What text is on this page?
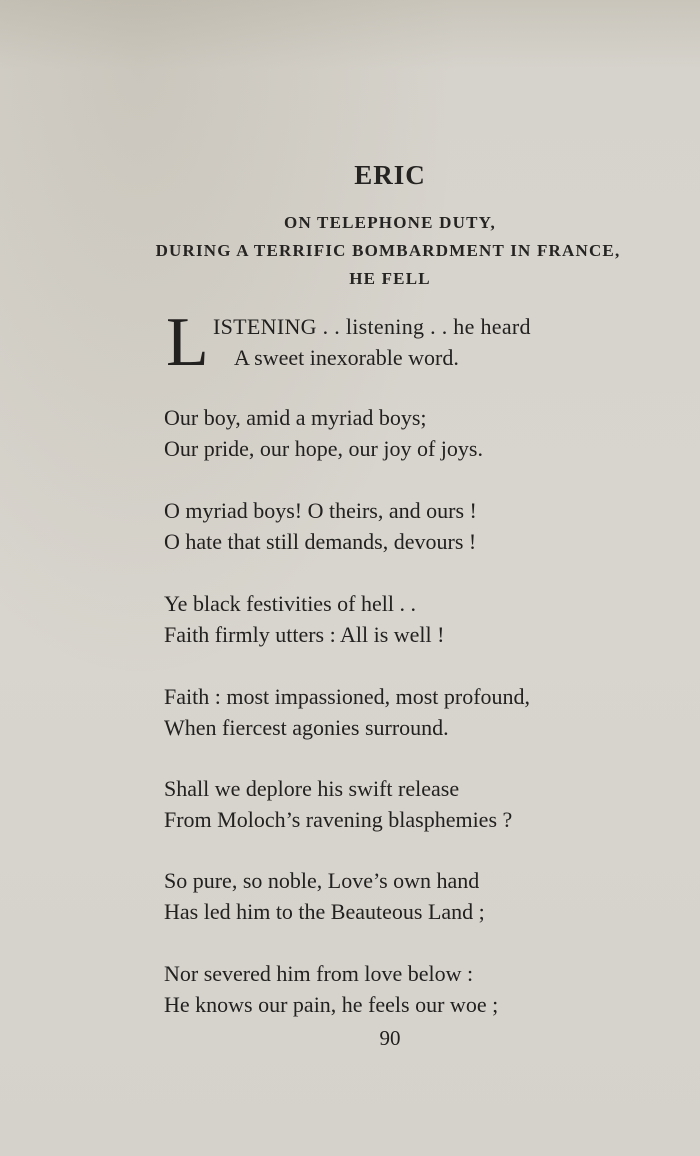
ERIC
ON TELEPHONE DUTY,
DURING A TERRIFIC BOMBARDMENT IN FRANCE,
HE FELL
L ISTENING . . listening . . he heard
A sweet inexorable word.
Our boy, amid a myriad boys;
Our pride, our hope, our joy of joys.
O myriad boys! O theirs, and ours !
O hate that still demands, devours !
Ye black festivities of hell . .
Faith firmly utters : All is well !
Faith : most impassioned, most profound,
When fiercest agonies surround.
Shall we deplore his swift release
From Moloch’s ravening blasphemies ?
So pure, so noble, Love’s own hand
Has led him to the Beauteous Land ;
Nor severed him from love below :
He knows our pain, he feels our woe ;
90
